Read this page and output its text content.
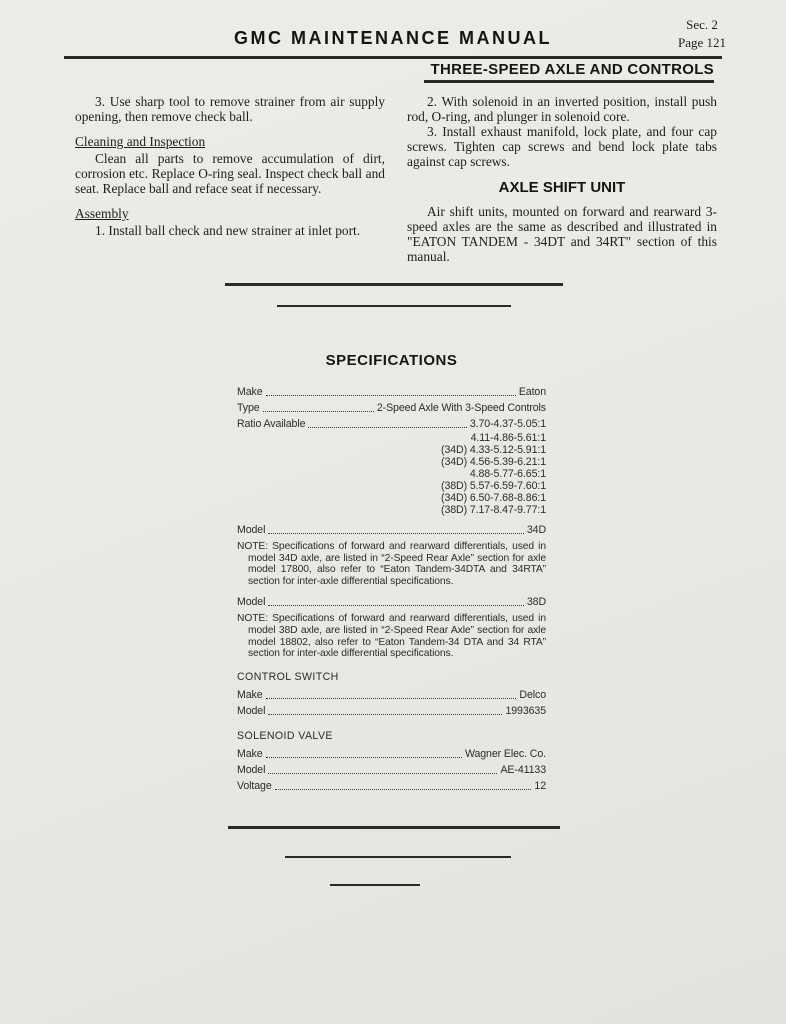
Sec. 2
Page 121
GMC MAINTENANCE MANUAL
THREE-SPEED AXLE AND CONTROLS

3. Use sharp tool to remove strainer from air supply opening, then remove check ball.

Cleaning and Inspection

Clean all parts to remove accumulation of dirt, corrosion etc. Replace O-ring seal. Inspect check ball and seat. Replace ball and reface seat if necessary.

Assembly

1. Install ball check and new strainer at inlet port.

2. With solenoid in an inverted position, install push rod, O-ring, and plunger in solenoid core.

3. Install exhaust manifold, lock plate, and four cap screws. Tighten cap screws and bend lock plate tabs against cap screws.

AXLE SHIFT UNIT

Air shift units, mounted on forward and rearward 3-speed axles are the same as described and illustrated in "EATON TANDEM - 34DT and 34RT" section of this manual.

SPECIFICATIONS
Make	Eaton
Type	2-Speed Axle With 3-Speed Controls
Ratio Available	3.70-4.37-5.05:1
4.11-4.86-5.61:1
(34D) 4.33-5.12-5.91:1
(34D) 4.56-5.39-6.21:1
4.88-5.77-6.65:1
(38D) 5.57-6.59-7.60:1
(34D) 6.50-7.68-8.86:1
(38D) 7.17-8.47-9.77:1
Model	34D
NOTE: Specifications of forward and rearward differentials, used in model 34D axle, are listed in “2-Speed Rear Axle” section for axle model 17800, also refer to “Eaton Tandem-34DTA and 34RTA” section for inter-axle differential specifications.
Model	38D
NOTE: Specifications of forward and rearward differentials, used in model 38D axle, are listed in “2-Speed Rear Axle” section for axle model 18802, also refer to “Eaton Tandem-34 DTA and 34 RTA” section for inter-axle differential specifications.
CONTROL SWITCH
Make	Delco
Model	1993635
SOLENOID VALVE
Make	Wagner Elec. Co.
Model	AE-41133
Voltage	12
